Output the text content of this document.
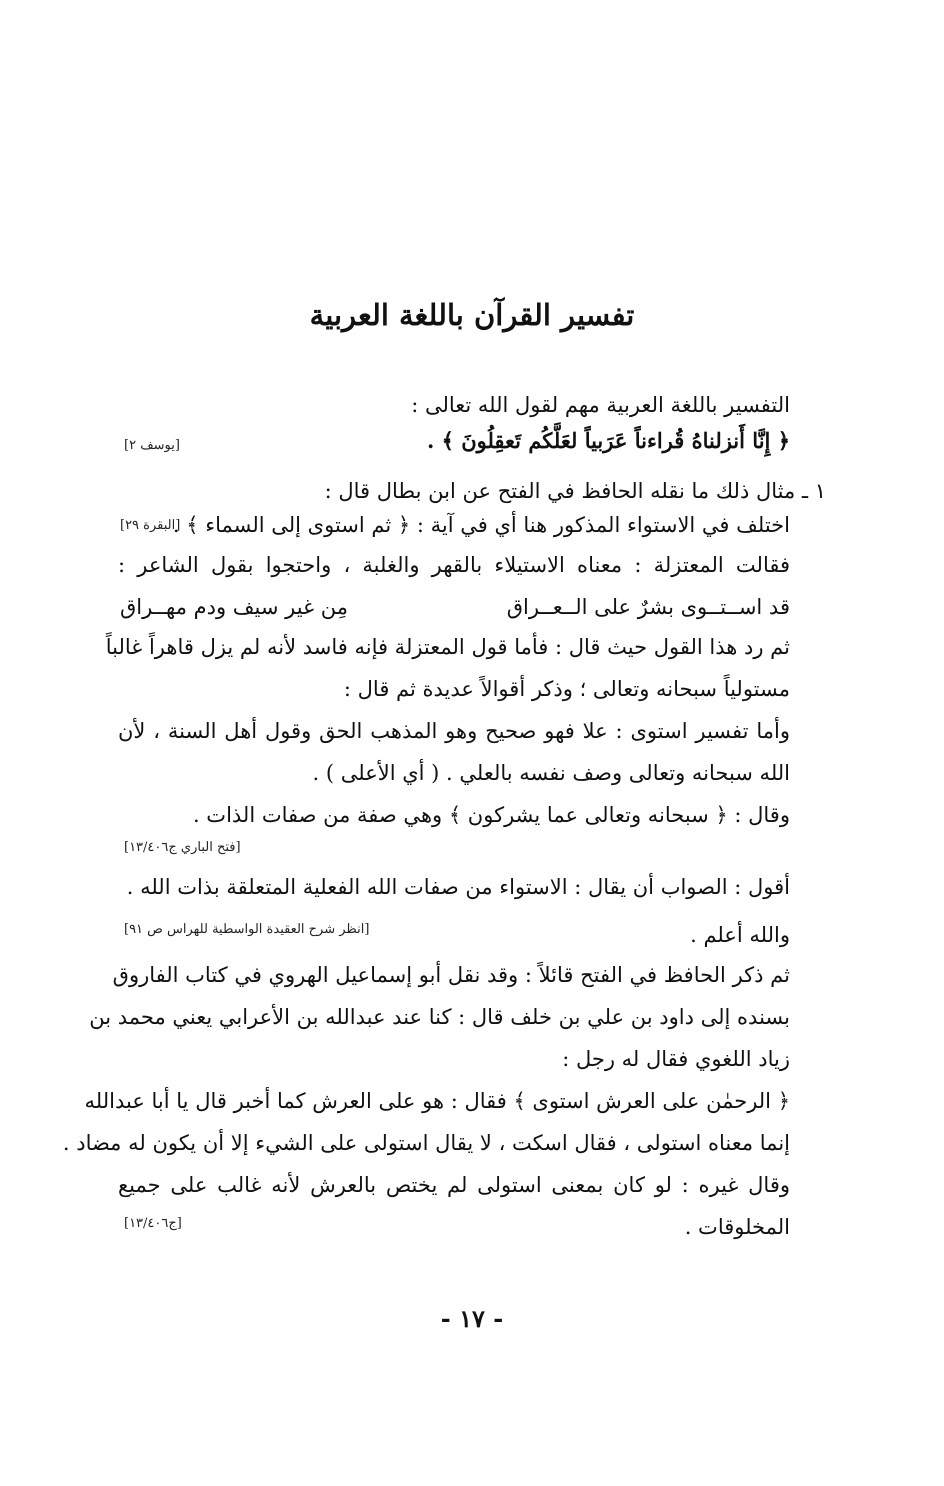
تفسير القرآن باللغة العربية
التفسير باللغة العربية مهم لقول الله تعالى :
﴿ إِنَّا أَنزلناهُ قُراءناً عَرَبياً لعَلَّكُم تَعقِلُونَ ﴾ .
[يوسف ٢]
١ ـ مثال ذلك ما نقله الحافظ في الفتح عن ابن بطال قال :
اختلف في الاستواء المذكور هنا أي في آية : ﴿ ثم استوى إلى السماء ﴾ .
[البقرة ٢٩]
فقالت المعتزلة : معناه الاستيلاء بالقهر والغلبة ، واحتجوا بقول الشاعر :
قد اســتــوى بشرٌ على الــعــراق
مِن غير سيف ودم مهــراق
ثم رد هذا القول حيث قال : فأما قول المعتزلة فإنه فاسد لأنه لم يزل قاهراً غالباً
مستولياً سبحانه وتعالى ؛ وذكر أقوالاً عديدة ثم قال :
وأما تفسير استوى : علا فهو صحيح وهو المذهب الحق وقول أهل السنة ، لأن
الله سبحانه وتعالى وصف نفسه بالعلي . ( أي الأعلى ) .
وقال : ﴿ سبحانه وتعالى عما يشركون ﴾ وهي صفة من صفات الذات .
[فتح الباري ج١٣/٤٠٦]
أقول : الصواب أن يقال : الاستواء من صفات الله الفعلية المتعلقة بذات الله .
والله أعلم .
[انظر شرح العقيدة الواسطية للهراس ص ٩١]
ثم ذكر الحافظ في الفتح قائلاً : وقد نقل أبو إسماعيل الهروي في كتاب الفاروق
بسنده إلى داود بن علي بن خلف قال : كنا عند عبدالله بن الأعرابي يعني محمد بن
زياد اللغوي فقال له رجل :
﴿ الرحمٰن على العرش استوى ﴾ فقال : هو على العرش كما أخبر قال يا أبا عبدالله
إنما معناه استولى ، فقال اسكت ، لا يقال استولى على الشيء إلا أن يكون له مضاد .
وقال غيره : لو كان بمعنى استولى لم يختص بالعرش لأنه غالب على جميع
المخلوقات .
[ج١٣/٤٠٦]
- ١٧ -
